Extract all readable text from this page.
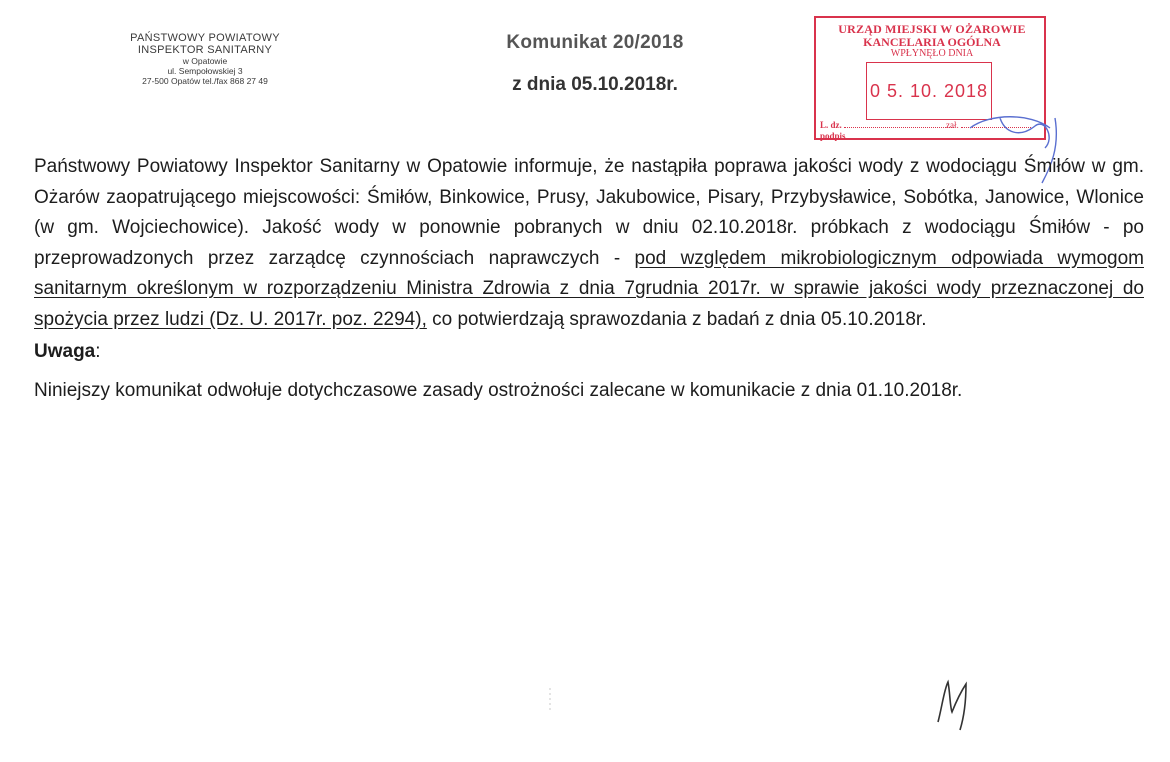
PAŃSTWOWY POWIATOWY
INSPEKTOR SANITARNY
w Opatowie
ul. Sempołowskiej 3
27-500 Opatów tel./fax 868 27 49
Komunikat 20/2018
z dnia 05.10.2018r.
URZĄD MIEJSKI W OŻAROWIE
KANCELARIA OGÓLNA
WPŁYNĘŁO DNIA
0 5. 10. 2018
L. dz.	zał.
podpis

Państwowy Powiatowy Inspektor Sanitarny w Opatowie informuje, że nastąpiła poprawa jakości wody z wodociągu Śmiłów w gm. Ożarów zaopatrującego miejscowości: Śmiłów, Binkowice, Prusy, Jakubowice, Pisary, Przybysławice, Sobótka, Janowice, Wlonice (w gm. Wojciechowice). Jakość wody w ponownie pobranych w dniu 02.10.2018r. próbkach z wodociągu Śmiłów - po przeprowadzonych przez zarządcę czynnościach naprawczych - pod względem mikrobiologicznym odpowiada wymogom sanitarnym określonym w rozporządzeniu Ministra Zdrowia z dnia 7grudnia 2017r. w sprawie jakości wody przeznaczonej do spożycia przez ludzi (Dz. U. 2017r. poz. 2294), co potwierdzają sprawozdania z badań z dnia 05.10.2018r.

Uwaga:

Niniejszy komunikat odwołuje dotychczasowe zasady ostrożności zalecane w komunikacie z dnia 01.10.2018r.
